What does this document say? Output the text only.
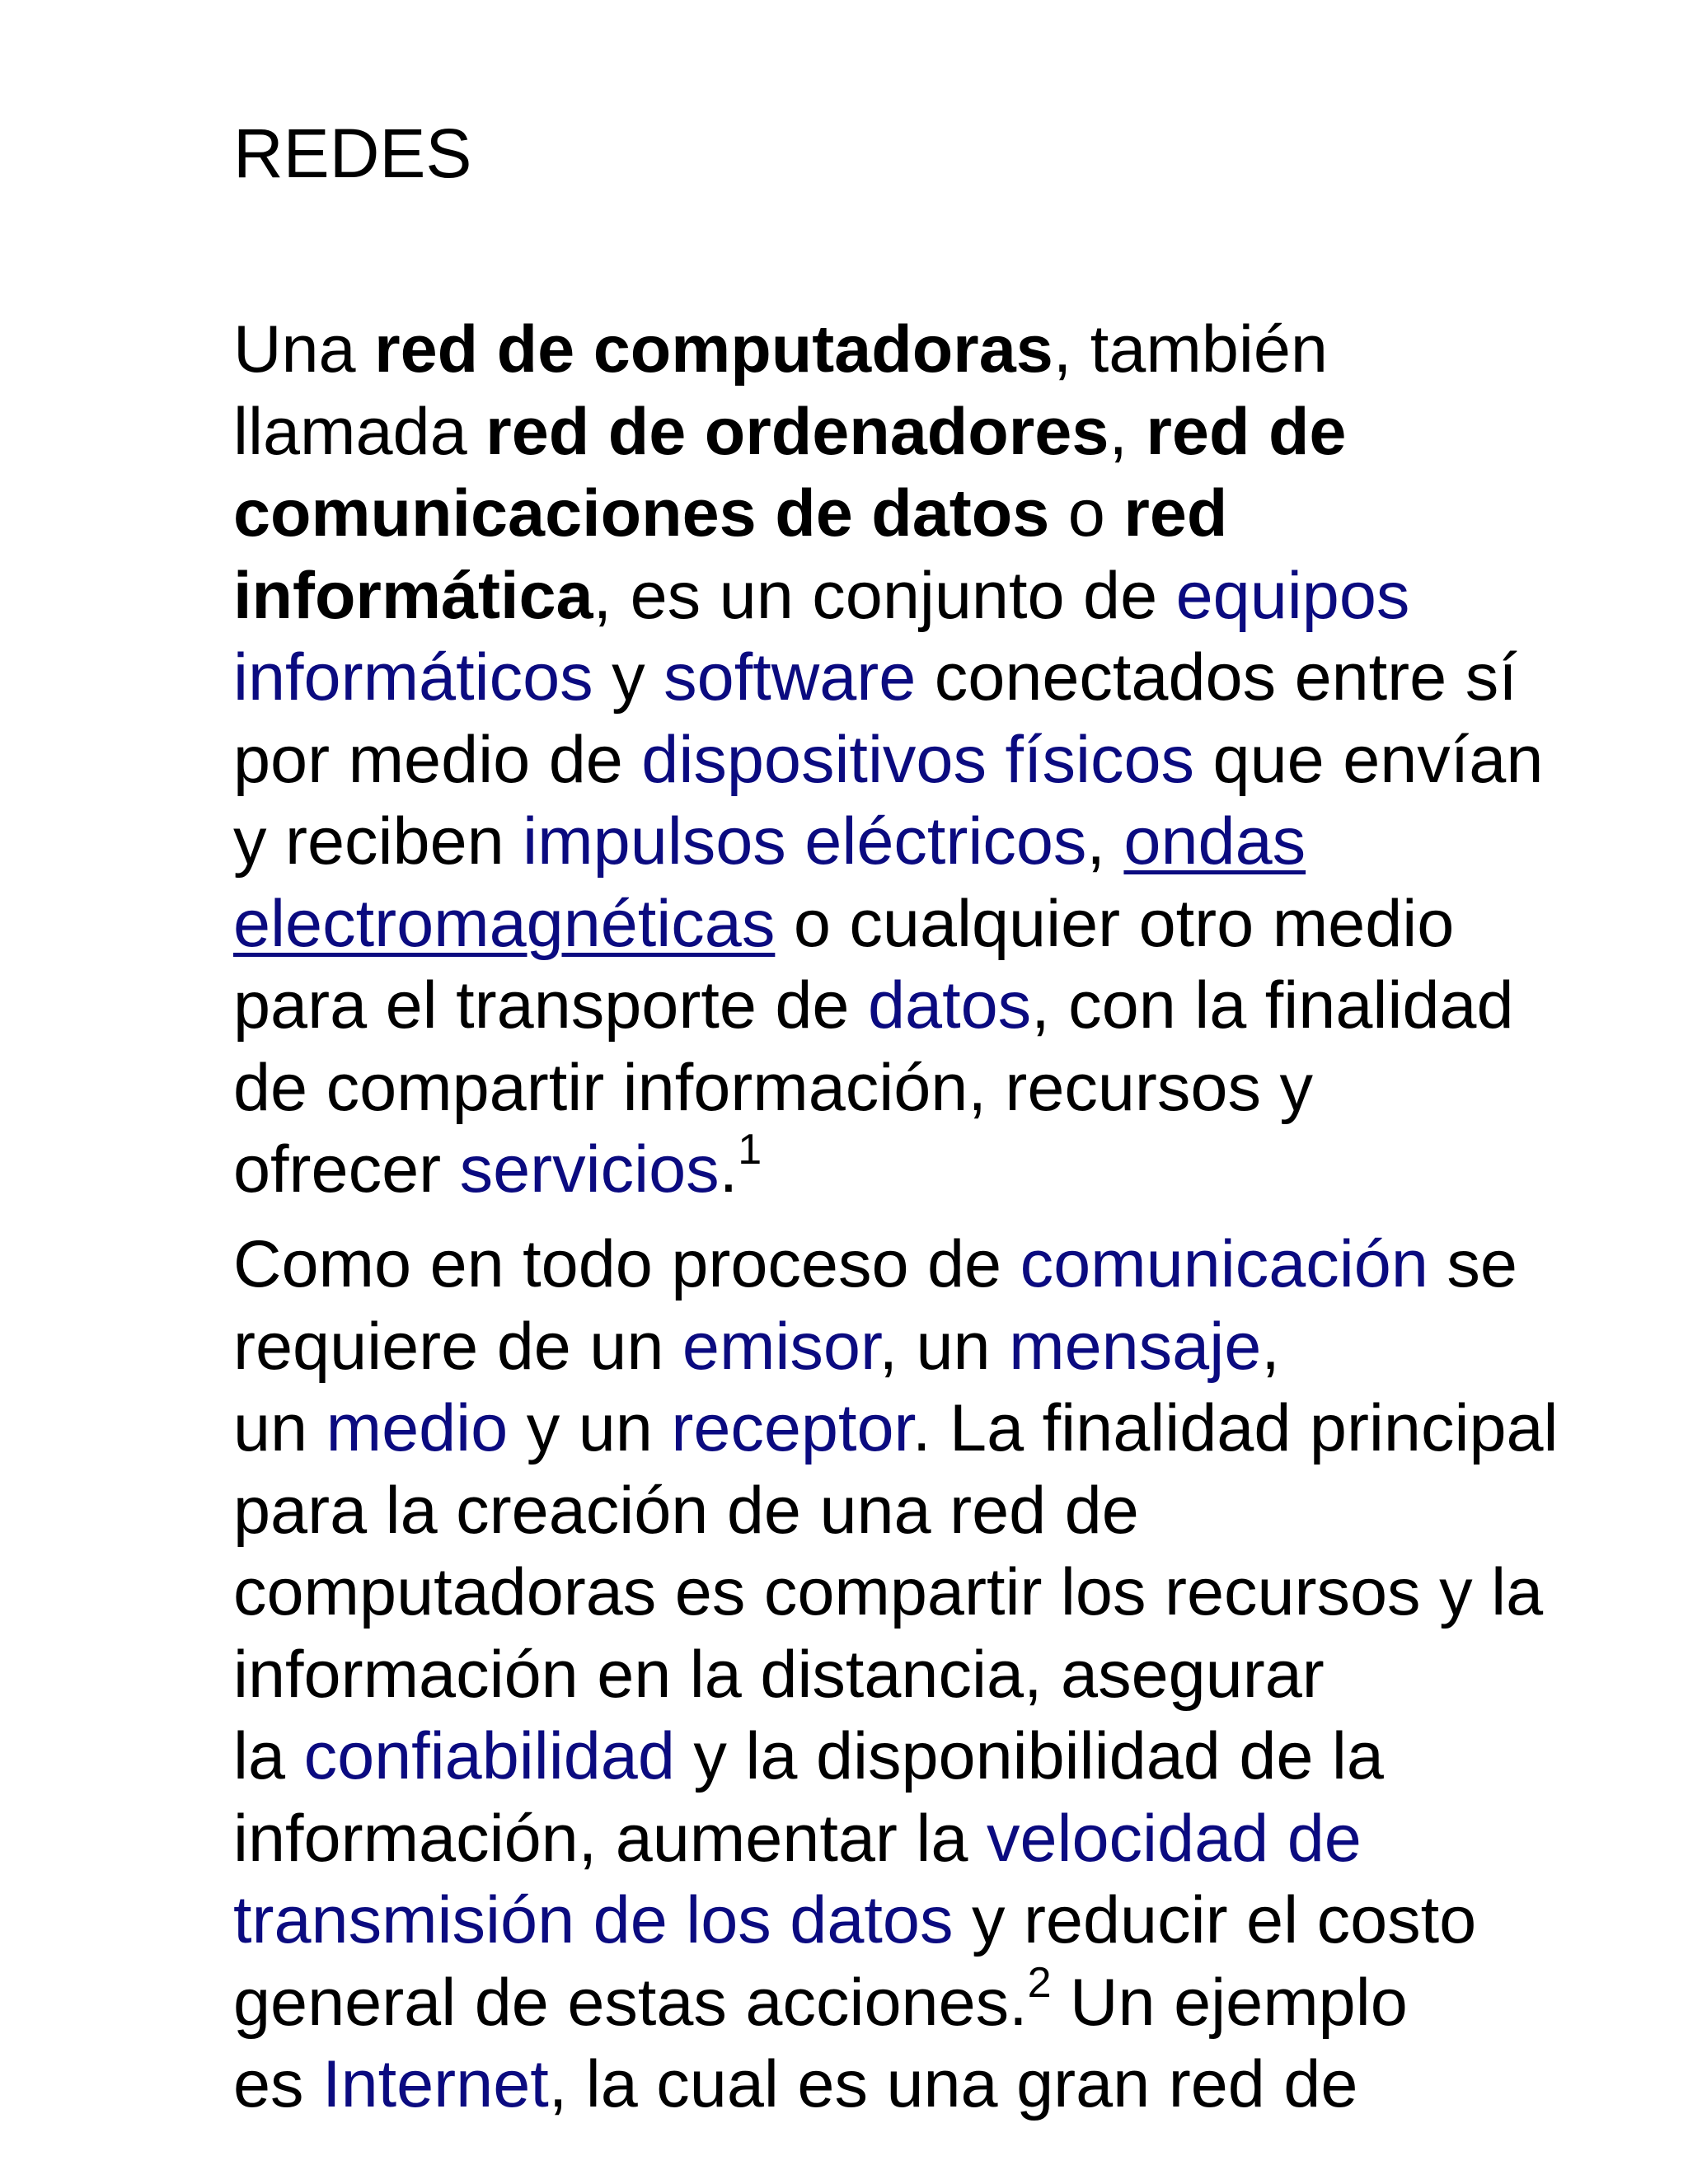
REDES

Una red de computadoras, también
llamada red de ordenadores, red de
comunicaciones de datos o red
informática, es un conjunto de equipos
informáticos y software conectados entre sí
por medio de dispositivos físicos que envían
y reciben impulsos eléctricos, ondas
electromagnéticas o cualquier otro medio
para el transporte de datos, con la finalidad
de compartir información, recursos y
ofrecer servicios.$^1$

Como en todo proceso de comunicación se
requiere de un emisor, un mensaje,
un medio y un receptor. La finalidad principal
para la creación de una red de
computadoras es compartir los recursos y la
información en la distancia, asegurar
la confiabilidad y la disponibilidad de la
información, aumentar la velocidad de
transmisión de los datos y reducir el costo
general de estas acciones.$^2$ Un ejemplo
es Internet, la cual es una gran red de
